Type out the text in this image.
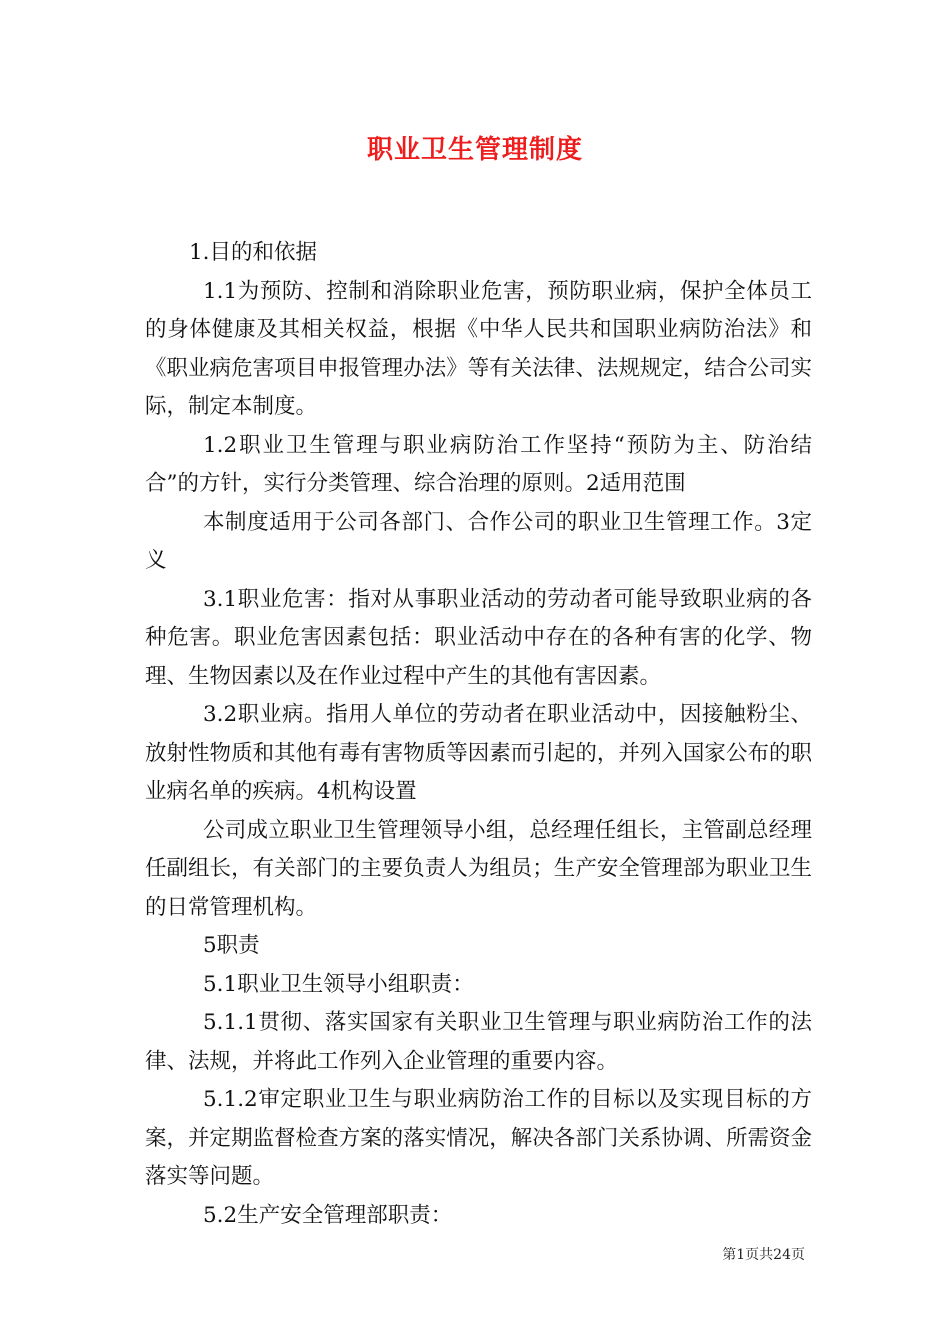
职业卫生管理制度

1.目的和依据

1.1为预防、控制和消除职业危害，预防职业病，保护全体员工的身体健康及其相关权益，根据《中华人民共和国职业病防治法》和《职业病危害项目申报管理办法》等有关法律、法规规定，结合公司实际，制定本制度。

1.2职业卫生管理与职业病防治工作坚持“预防为主、防治结合”的方针，实行分类管理、综合治理的原则。2适用范围

本制度适用于公司各部门、合作公司的职业卫生管理工作。3定义

3.1职业危害：指对从事职业活动的劳动者可能导致职业病的各种危害。职业危害因素包括：职业活动中存在的各种有害的化学、物理、生物因素以及在作业过程中产生的其他有害因素。

3.2职业病。指用人单位的劳动者在职业活动中，因接触粉尘、放射性物质和其他有毒有害物质等因素而引起的，并列入国家公布的职业病名单的疾病。4机构设置

公司成立职业卫生管理领导小组，总经理任组长，主管副总经理任副组长，有关部门的主要负责人为组员；生产安全管理部为职业卫生的日常管理机构。

5职责

5.1职业卫生领导小组职责：

5.1.1贯彻、落实国家有关职业卫生管理与职业病防治工作的法律、法规，并将此工作列入企业管理的重要内容。

5.1.2审定职业卫生与职业病防治工作的目标以及实现目标的方案，并定期监督检查方案的落实情况，解决各部门关系协调、所需资金落实等问题。

5.2生产安全管理部职责：

第1页共24页
